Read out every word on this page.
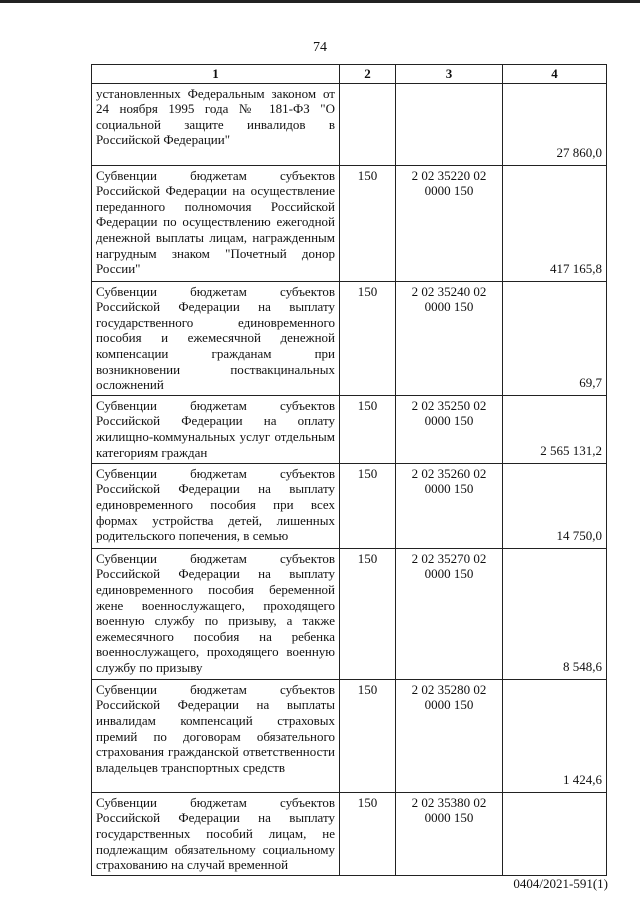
74
1	2	3	4
установленных Федеральным законом от 24 ноября 1995 года № 181-ФЗ "О социальной защите инвалидов в Российской Федерации"			27 860,0
Субвенции бюджетам субъектов Российской Федерации на осуществление переданного полномочия Российской Федерации по осуществлению ежегодной денежной выплаты лицам, награжденным нагрудным знаком "Почетный донор России"	150	2 02 35220 02 0000 150	417 165,8
Субвенции бюджетам субъектов Российской Федерации на выплату государственного единовременного пособия и ежемесячной денежной компенсации гражданам при возникновении поствакцинальных осложнений	150	2 02 35240 02 0000 150	69,7
Субвенции бюджетам субъектов Российской Федерации на оплату жилищно-коммунальных услуг отдельным категориям граждан	150	2 02 35250 02 0000 150	2 565 131,2
Субвенции бюджетам субъектов Российской Федерации на выплату единовременного пособия при всех формах устройства детей, лишенных родительского попечения, в семью	150	2 02 35260 02 0000 150	14 750,0
Субвенции бюджетам субъектов Российской Федерации на выплату единовременного пособия беременной жене военнослужащего, проходящего военную службу по призыву, а также ежемесячного пособия на ребенка военнослужащего, проходящего военную службу по призыву	150	2 02 35270 02 0000 150	8 548,6
Субвенции бюджетам субъектов Российской Федерации на выплаты инвалидам компенсаций страховых премий по договорам обязательного страхования гражданской ответственности владельцев транспортных средств	150	2 02 35280 02 0000 150	1 424,6
Субвенции бюджетам субъектов Российской Федерации на выплату государственных пособий лицам, не подлежащим обязательному социальному страхованию на случай временной	150	2 02 35380 02 0000 150	
0404/2021-591(1)
